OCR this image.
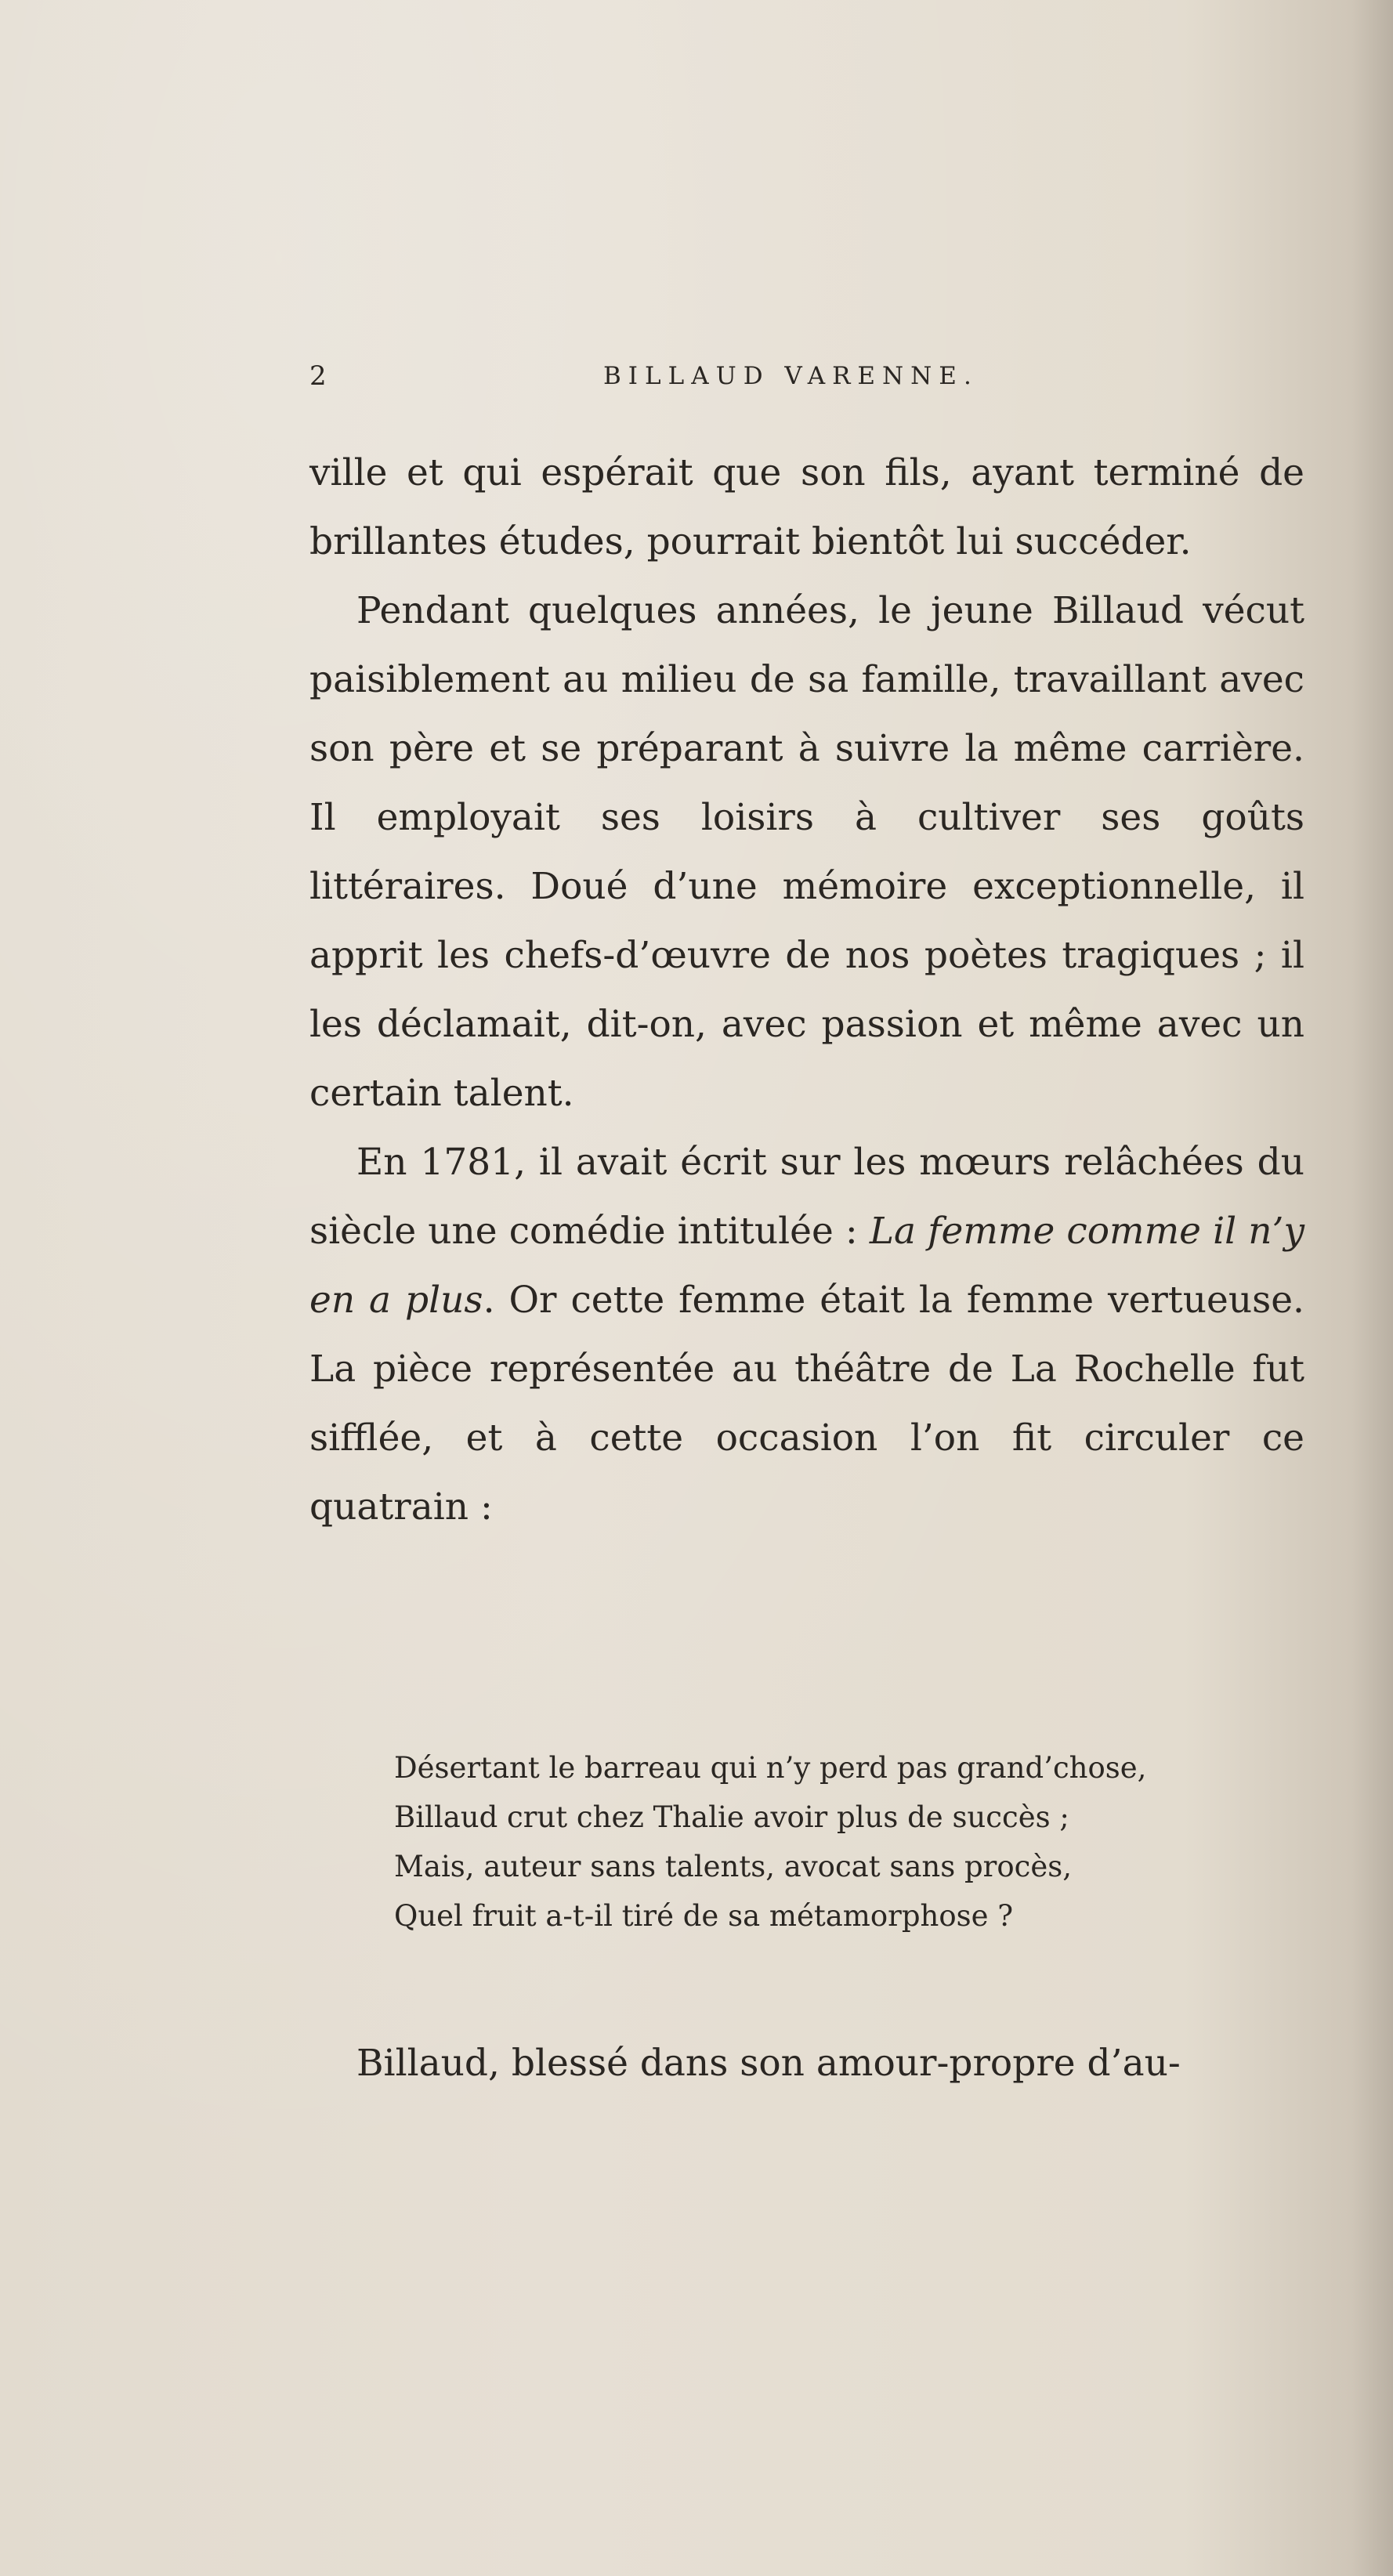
2	BILLAUD VARENNE.

ville et qui espérait que son fils, ayant terminé de brillantes études, pourrait bientôt lui succéder.

Pendant quelques années, le jeune Billaud vécut paisiblement au milieu de sa famille, travaillant avec son père et se préparant à suivre la même carrière. Il employait ses loisirs à cultiver ses goûts littéraires. Doué d’une mémoire exceptionnelle, il apprit les chefs-d’œuvre de nos poètes tragiques ; il les déclamait, dit-on, avec passion et même avec un certain talent.

En 1781, il avait écrit sur les mœurs relâchées du siècle une comédie intitulée : La femme comme il n’y en a plus. Or cette femme était la femme vertueuse. La pièce représentée au théâtre de La Rochelle fut sifflée, et à cette occasion l’on fit circuler ce quatrain :

Désertant le barreau qui n’y perd pas grand’chose,
Billaud crut chez Thalie avoir plus de succès ;
Mais, auteur sans talents, avocat sans procès,
Quel fruit a-t-il tiré de sa métamorphose ?
Billaud, blessé dans son amour-propre d’au-
